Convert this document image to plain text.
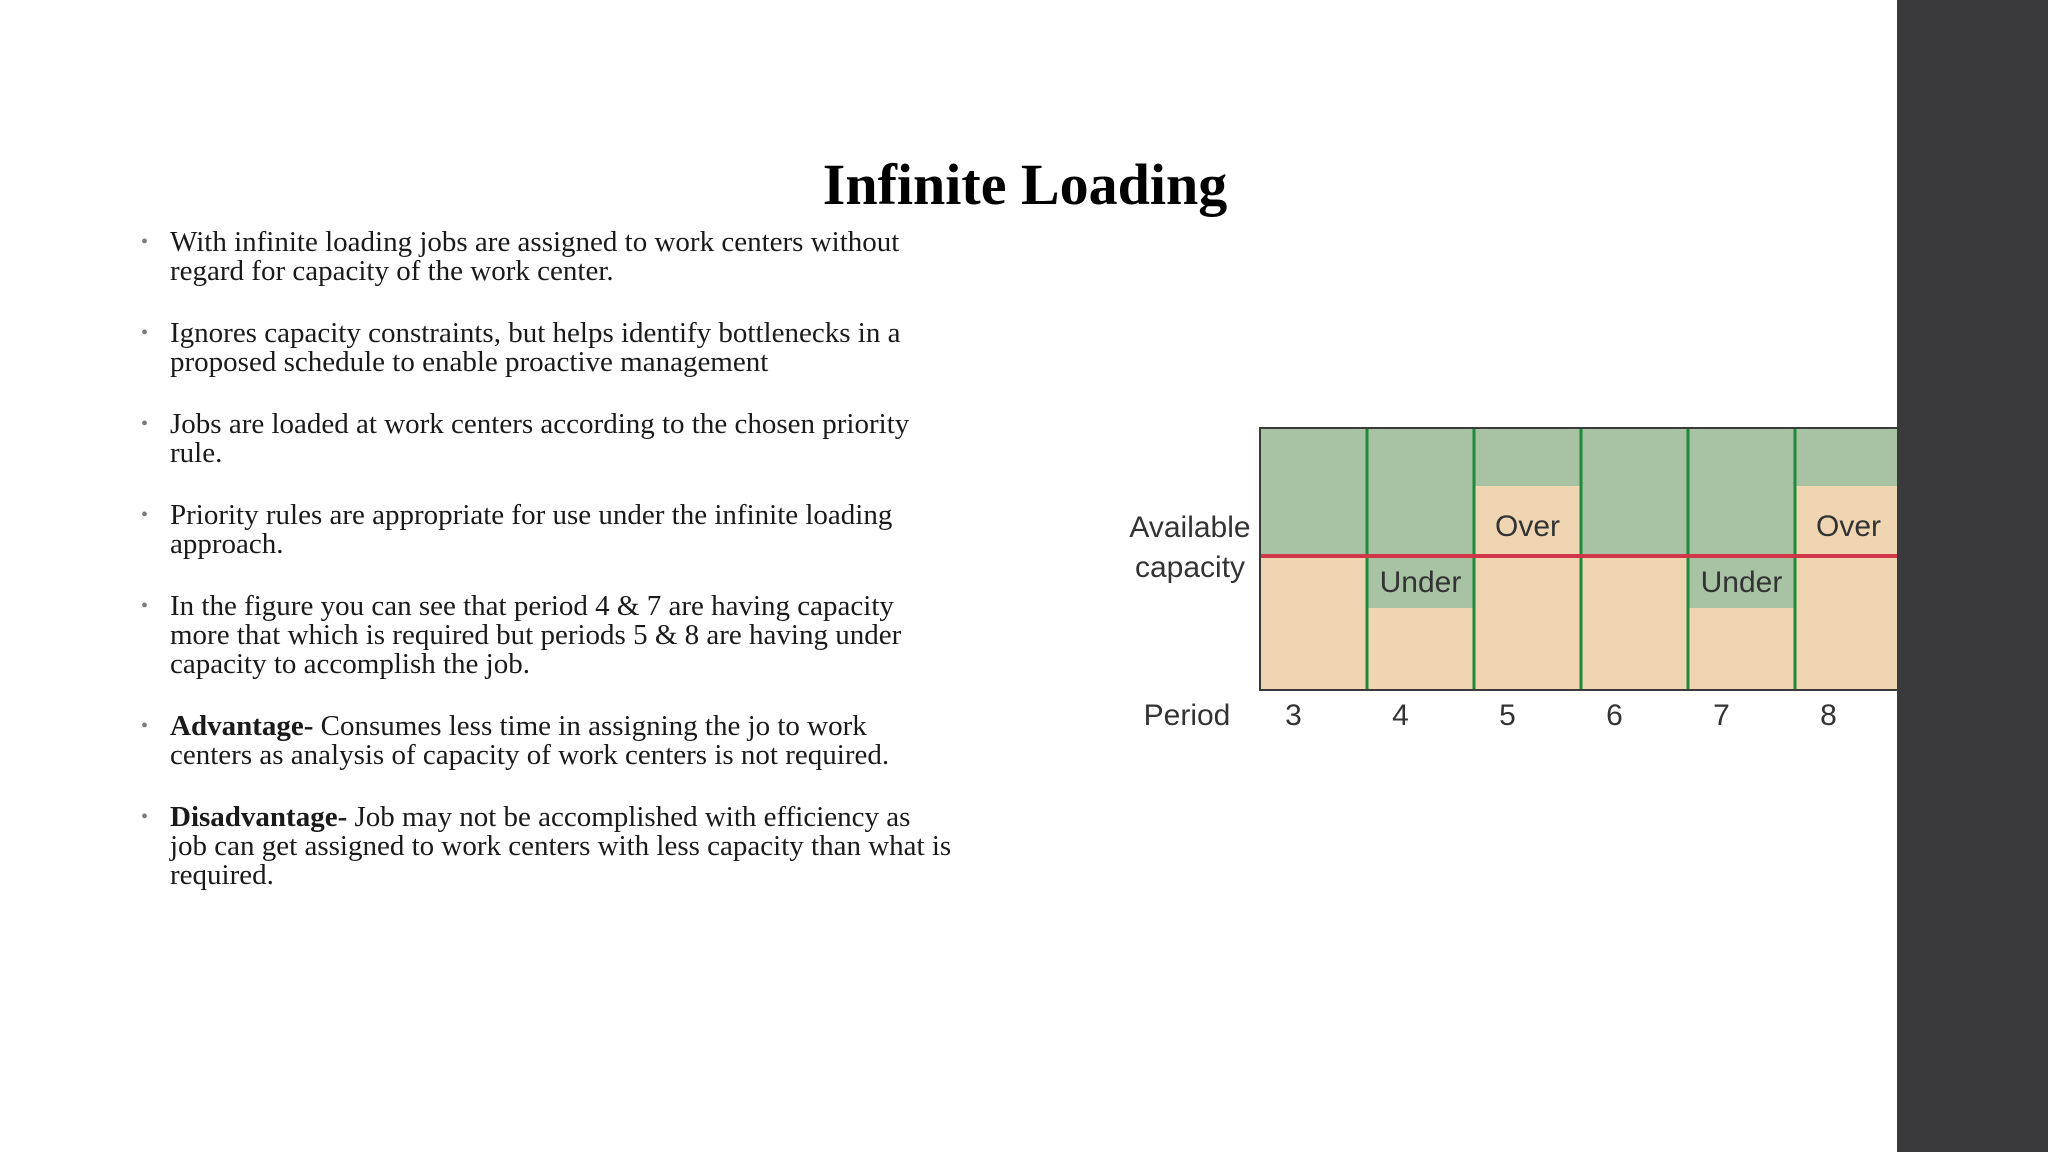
Infinite Loading
• With infinite loading jobs are assigned to work centers without
regard for capacity of the work center.
• Ignores capacity constraints, but helps identify bottlenecks in a
proposed schedule to enable proactive management
• Jobs are loaded at work centers according to the chosen priority
rule.
• Priority rules are appropriate for use under the infinite loading
approach.
• In the figure you can see that period 4 & 7 are having capacity
more that which is required but periods 5 & 8 are having under
capacity to accomplish the job.
• Advantage- Consumes less time in assigning the jo to work
centers as analysis of capacity of work centers is not required.
• Disadvantage- Job may not be accomplished with efficiency as
job can get assigned to work centers with less capacity than what is
required.
Under
Over
Under
Over
Available
capacity
Period 3	4	5	6	7	8
